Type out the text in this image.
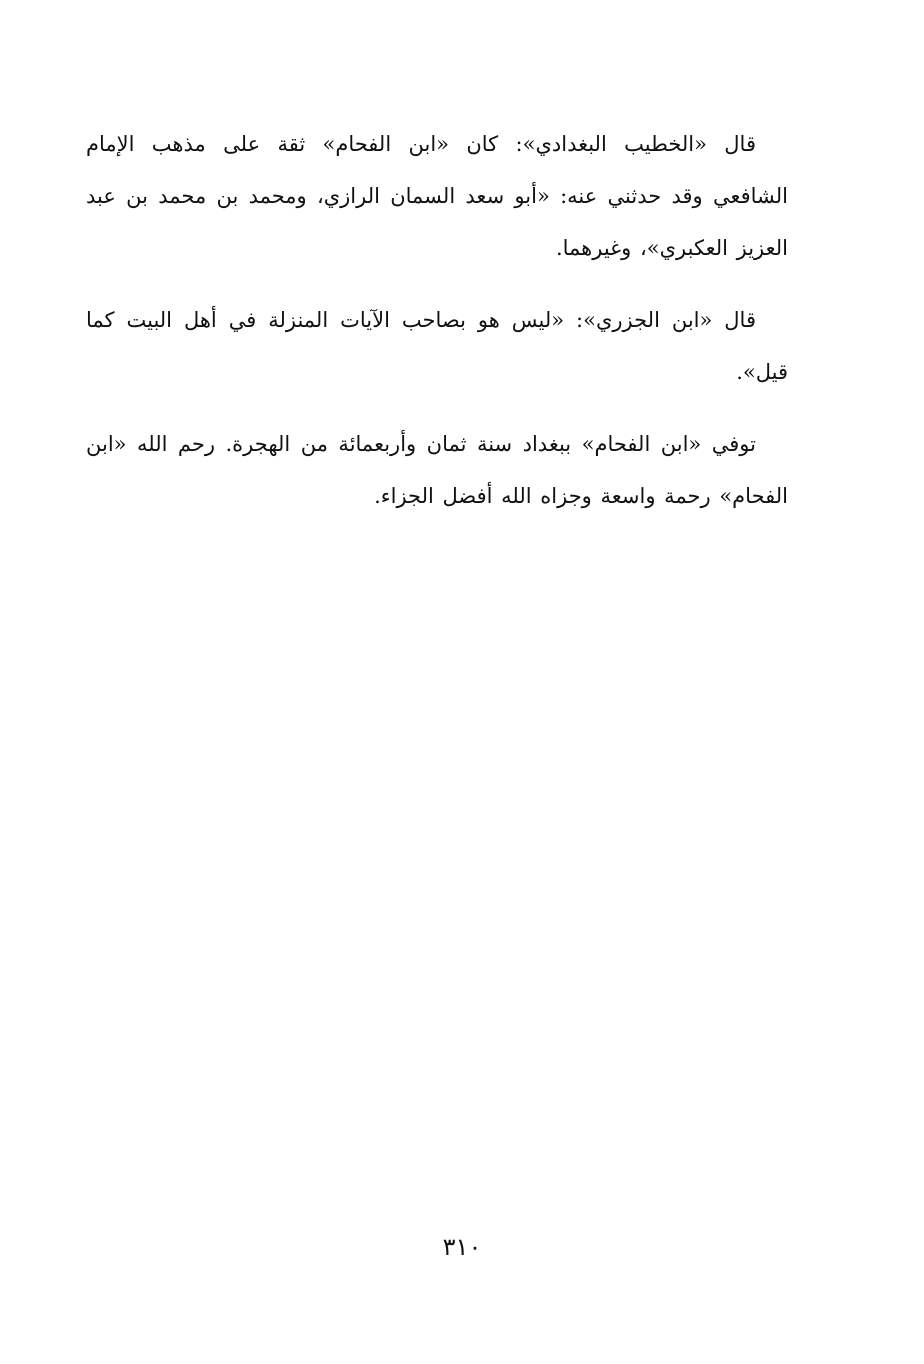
قال «الخطيب البغدادي»: كان «ابن الفحام» ثقة على مذهب الإمام الشافعي وقد حدثني عنه: «أبو سعد السمان الرازي، ومحمد بن محمد بن عبد العزيز العكبري»، وغيرهما.

قال «ابن الجزري»: «ليس هو بصاحب الآيات المنزلة في أهل البيت كما قيل».

توفي «ابن الفحام» ببغداد سنة ثمان وأربعمائة من الهجرة. رحم الله «ابن الفحام» رحمة واسعة وجزاه الله أفضل الجزاء.

٣١٠
